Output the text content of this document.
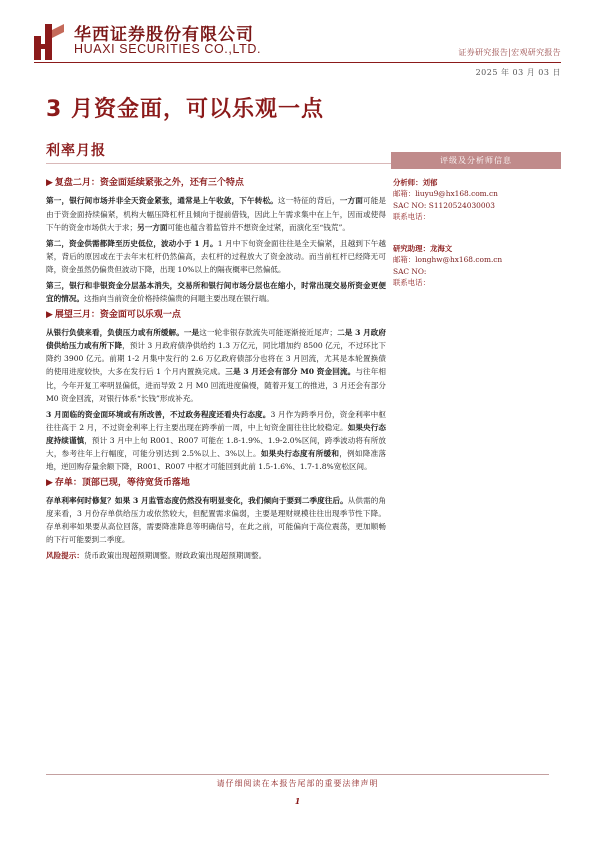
华西证券股份有限公司
HUAXI SECURITIES CO.,LTD.	证券研究报告|宏观研究报告
2025 年 03 月 03 日
3 月资金面，可以乐观一点
利率月报
▶ 复盘二月：资金面延续紧张之外，还有三个特点
第一，银行间市场并非全天资金紧张，通常是上午收敛，下午转松。这一特征的背后，一方面可能是由于资金面持续偏紧，机构大幅压降杠杆且倾向于提前借钱，因此上午需求集中在上午，因而或使得下午的资金市场供大于求；另一方面可能也蕴含着监管并不想资金过紧，而演化至“钱荒”。
第二，资金供需都降至历史低位，波动小于 1 月。1 月中下旬资金面往往是全天偏紧，且越到下午越紧，背后的原因或在于去年末杠杆仍然偏高，去杠杆的过程放大了资金波动。而当前杠杆已经降无可降，资金虽然仍偏贵但波动下降，出现 10%以上的隔夜概率已然偏低。
第三，银行和非银资金分层基本消失，交易所和银行间市场分层也在缩小，时常出现交易所资金更便宜的情况。这指向当前资金价格持续偏贵的问题主要出现在银行端。
▶ 展望三月：资金面可以乐观一点
从银行负债来看，负债压力或有所缓解。一是这一轮非银存款流失可能逐渐接近尾声；二是 3 月政府债供给压力或有所下降，预计 3 月政府债净供给约 1.3 万亿元，同比增加约 8500 亿元，不过环比下降约 3900 亿元。前期 1-2 月集中发行的 2.6 万亿政府债部分也将在 3 月回流，尤其是本轮置换债的使用进度较快，大多在发行后 1 个月内置换完成。三是 3 月还会有部分 M0 资金回流。与往年相比，今年开复工率明显偏低，进而导致 2 月 M0 回流进度偏慢，随着开复工的推进，3 月还会有部分 M0 资金回流，对银行体系“长钱”形成补充。
3 月面临的资金面环境或有所改善，不过政务程度还看央行态度。3 月作为跨季月份，资金利率中枢往往高于 2 月，不过资金利率上行主要出现在跨季前一周，中上旬资金面往往比较稳定。如果央行态度持续谨慎，预计 3 月中上旬 R001、R007 可能在 1.8-1.9%、1.9-2.0%区间，跨季波动将有所放大，参考往年上行幅度，可能分别达到 2.5%以上、3%以上。如果央行态度有所缓和，例如降准落地，逆回购存量余额下降，R001、R007 中枢才可能回到此前 1.5-1.6%、1.7-1.8%宽松区间。
▶ 存单：顶部已现，等待宽货币落地
存单利率何时修复？如果 3 月监管态度仍然没有明显变化，我们倾向于要到二季度往后。从供需的角度来看，3 月份存单供给压力或依然较大，但配置需求偏弱，主要是理财规模往往出现季节性下降。存单利率如果要从高位回落，需要降准降息等明确信号，在此之前，可能偏向于高位震荡，更加顺畅的下行可能要到二季度。
风险提示：货币政策出现超预期调整。财政政策出现超预期调整。
评级及分析师信息
分析师：刘郁
邮箱：liuyu9@hx168.com.cn
SAC NO: S1120524030003
联系电话：
研究助理：龙海文
邮箱：longhw@hx168.com.cn
SAC NO:
联系电话：
请仔细阅读在本报告尾部的重要法律声明
1
